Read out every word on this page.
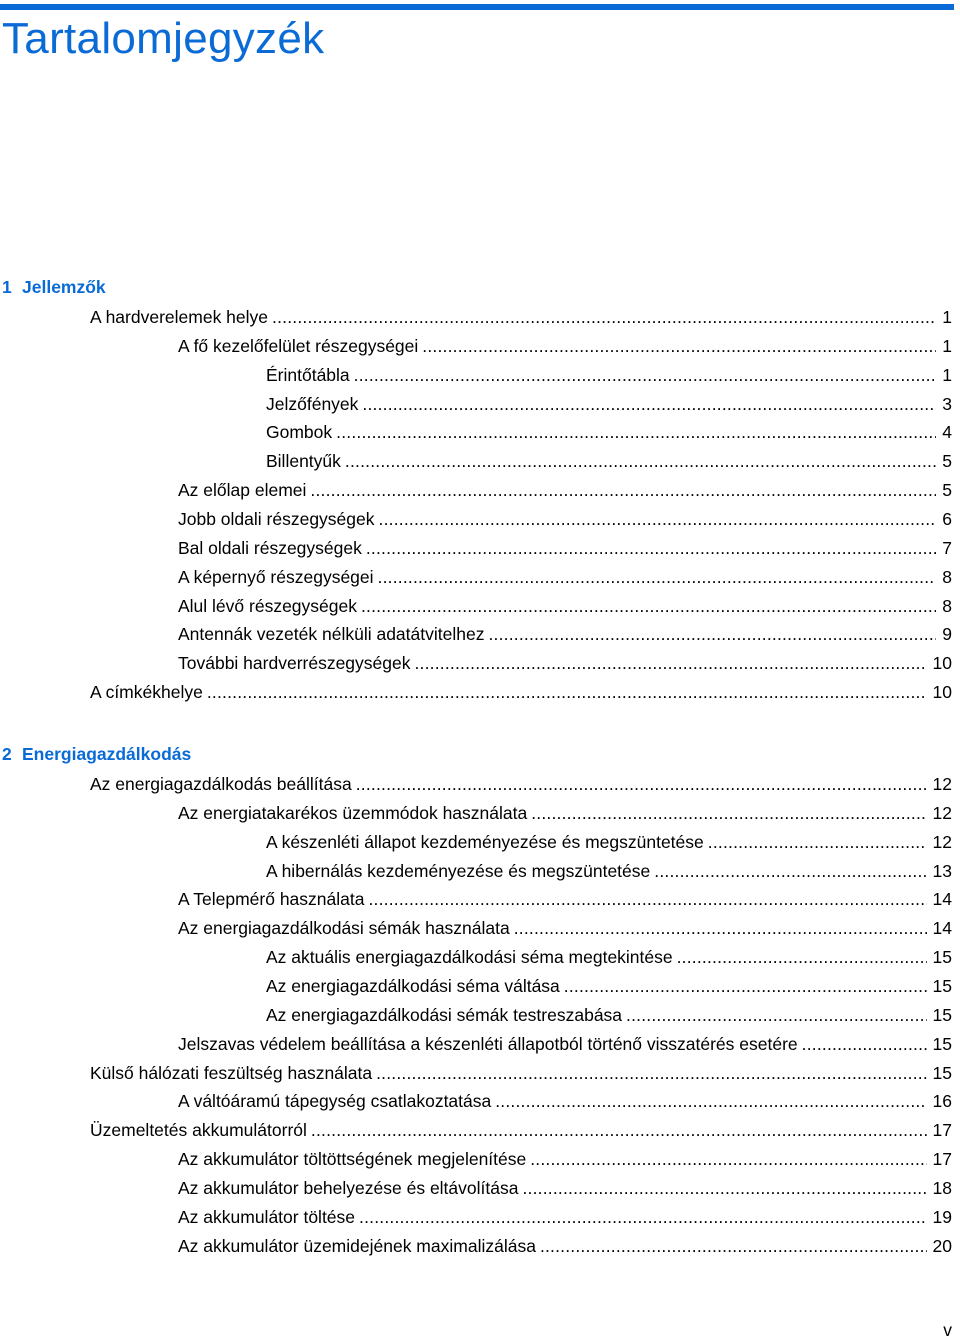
Tartalomjegyzék
1 Jellemzők
A hardverelemek helye .....	1
A fő kezelőfelület részegységei .....	1
Érintőtábla .....	1
Jelzőfények .....	3
Gombok .....	4
Billentyűk .....	5
Az előlap elemei .....	5
Jobb oldali részegységek .....	6
Bal oldali részegységek .....	7
A képernyő részegységei .....	8
Alul lévő részegységek .....	8
Antennák vezeték nélküli adatátvitelhez .....	9
További hardverrészegységek .....	10
A címkékhelye .....	10
2 Energiagazdálkodás
Az energiagazdálkodás beállítása .....	12
Az energiatakarékos üzemmódok használata .....	12
A készenléti állapot kezdeményezése és megszüntetése .....	12
A hibernálás kezdeményezése és megszüntetése .....	13
A Telepmérő használata .....	14
Az energiagazdálkodási sémák használata .....	14
Az aktuális energiagazdálkodási séma megtekintése .....	15
Az energiagazdálkodási séma váltása .....	15
Az energiagazdálkodási sémák testreszabása .....	15
Jelszavas védelem beállítása a készenléti állapotból történő visszatérés esetére .....	15
Külső hálózati feszültség használata .....	15
A váltóáramú tápegység csatlakoztatása .....	16
Üzemeltetés akkumulátorról .....	17
Az akkumulátor töltöttségének megjelenítése .....	17
Az akkumulátor behelyezése és eltávolítása .....	18
Az akkumulátor töltése .....	19
Az akkumulátor üzemidejének maximalizálása .....	20
v
